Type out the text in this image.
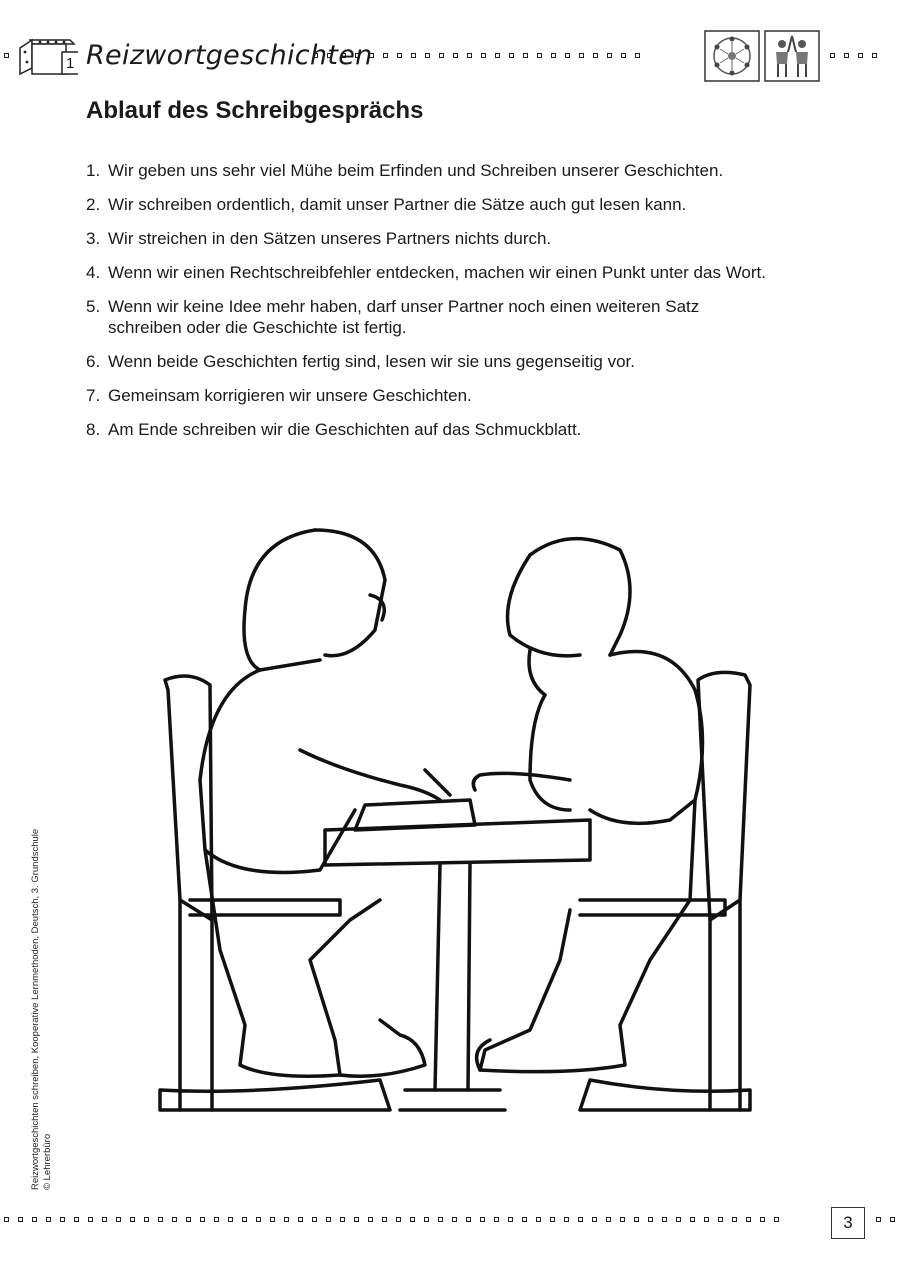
1 Reizwortgeschichten
Ablauf des Schreibgesprächs
1. Wir geben uns sehr viel Mühe beim Erfinden und Schreiben unserer Geschichten.
2. Wir schreiben ordentlich, damit unser Partner die Sätze auch gut lesen kann.
3. Wir streichen in den Sätzen unseres Partners nichts durch.
4. Wenn wir einen Rechtschreibfehler entdecken, machen wir einen Punkt unter das Wort.
5. Wenn wir keine Idee mehr haben, darf unser Partner noch einen weiteren Satz schreiben oder die Geschichte ist fertig.
6. Wenn beide Geschichten fertig sind, lesen wir sie uns gegenseitig vor.
7. Gemeinsam korrigieren wir unsere Geschichten.
8. Am Ende schreiben wir die Geschichten auf das Schmuckblatt.
Reizwortgeschichten schreiben, Kooperative Lernmethoden, Deutsch, 3. Grundschule © Lehrerbüro
3
